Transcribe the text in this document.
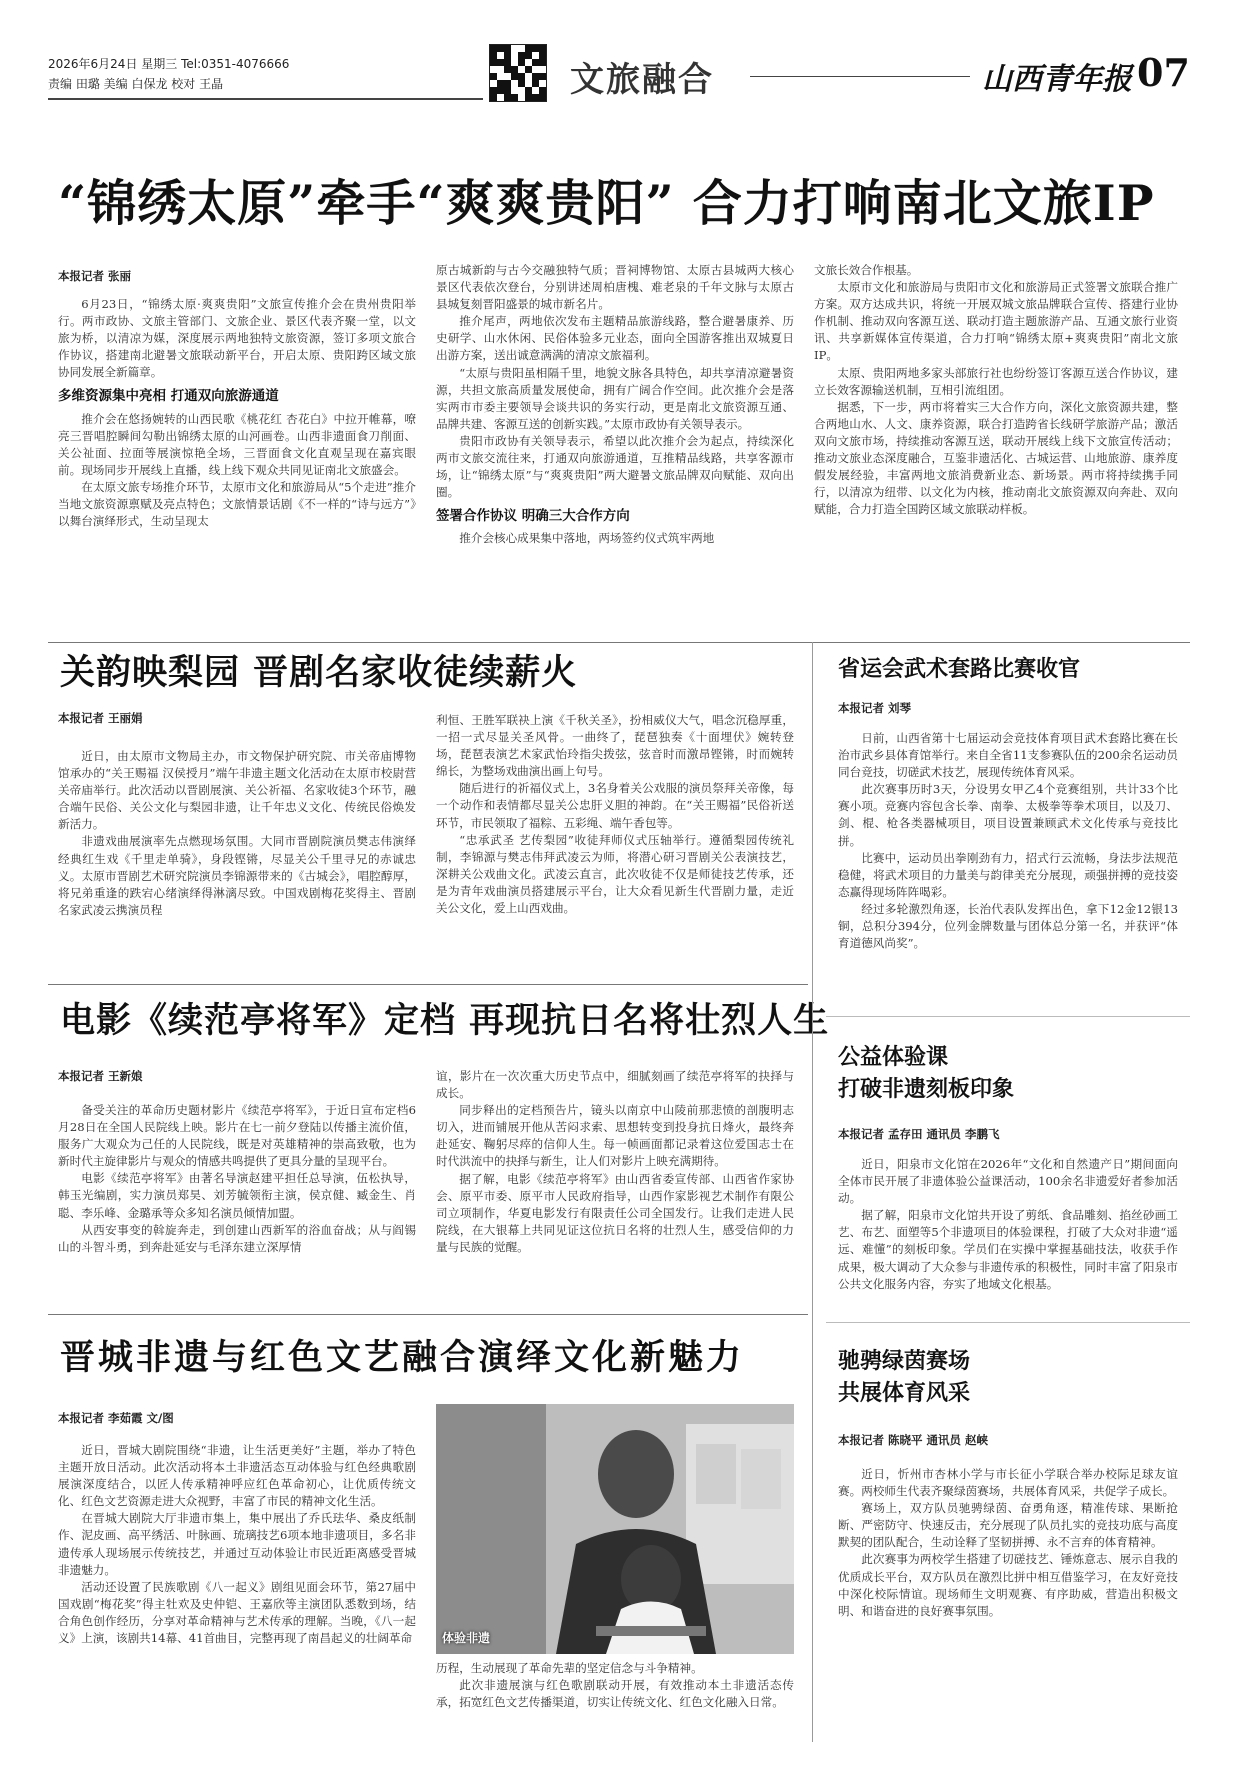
2026年6月24日 星期三 Tel:0351-4076666
责编 田璐 美编 白保龙 校对 王晶	文旅融合	山西青年报 07
“锦绣太原”牵手“爽爽贵阳” 合力打响南北文旅IP
本报记者 张丽

6月23日，“锦绣太原·爽爽贵阳”文旅宣传推介会在贵州贵阳举行。两市政协、文旅主管部门、文旅企业、景区代表齐聚一堂，以文旅为桥，以清凉为媒，深度展示两地独特文旅资源，签订多项文旅合作协议，搭建南北避暑文旅联动新平台，开启太原、贵阳跨区域文旅协同发展全新篇章。

多维资源集中亮相 打通双向旅游通道

推介会在悠扬婉转的山西民歌《桃花红 杏花白》中拉开帷幕，嘹亮三晋唱腔瞬间勾勒出锦绣太原的山河画卷。山西非遗面食刀削面、关公祉面、拉面等展演惊艳全场，三晋面食文化直观呈现在嘉宾眼前。现场同步开展线上直播，线上线下观众共同见证南北文旅盛会。

在太原文旅专场推介环节，太原市文化和旅游局从“5个走进”推介当地文旅资源禀赋及亮点特色；文旅情景话剧《不一样的“诗与远方”》以舞台演绎形式，生动呈现太

原古城新韵与古今交融独特气质；晋祠博物馆、太原古县城两大核心景区代表依次登台，分别讲述周柏唐槐、难老泉的千年文脉与太原古县城复刻晋阳盛景的城市新名片。

推介尾声，两地依次发布主题精品旅游线路，整合避暑康养、历史研学、山水休闲、民俗体验多元业态，面向全国游客推出双城夏日出游方案，送出诚意满满的清凉文旅福利。

“太原与贵阳虽相隔千里，地貌文脉各具特色，却共享清凉避暑资源，共担文旅高质量发展使命，拥有广阔合作空间。此次推介会是落实两市市委主要领导会谈共识的务实行动，更是南北文旅资源互通、品牌共建、客源互送的创新实践。”太原市政协有关领导表示。

贵阳市政协有关领导表示，希望以此次推介会为起点，持续深化两市文旅交流往来，打通双向旅游通道，互推精品线路，共享客源市场，让“锦绣太原”与“爽爽贵阳”两大避暑文旅品牌双向赋能、双向出圈。

签署合作协议 明确三大合作方向

推介会核心成果集中落地，两场签约仪式筑牢两地

文旅长效合作根基。

太原市文化和旅游局与贵阳市文化和旅游局正式签署文旅联合推广方案。双方达成共识，将统一开展双城文旅品牌联合宣传、搭建行业协作机制、推动双向客源互送、联动打造主题旅游产品、互通文旅行业资讯、共享新媒体宣传渠道，合力打响“锦绣太原+爽爽贵阳”南北文旅IP。

太原、贵阳两地多家头部旅行社也纷纷签订客源互送合作协议，建立长效客源输送机制，互相引流组团。

据悉，下一步，两市将着实三大合作方向，深化文旅资源共建，整合两地山水、人文、康养资源，联合打造跨省长线研学旅游产品；激活双向文旅市场，持续推动客源互送，联动开展线上线下文旅宣传活动；推动文旅业态深度融合，互鉴非遗活化、古城运营、山地旅游、康养度假发展经验，丰富两地文旅消费新业态、新场景。两市将持续携手同行，以清凉为纽带、以文化为内核，推动南北文旅资源双向奔赴、双向赋能，合力打造全国跨区域文旅联动样板。

关韵映梨园 晋剧名家收徒续薪火
本报记者 王丽娟

近日，由太原市文物局主办，市文物保护研究院、市关帝庙博物馆承办的“关王赐福 汉侯授月”端午非遗主题文化活动在太原市校尉营关帝庙举行。此次活动以晋剧展演、关公祈福、名家收徒3个环节，融合端午民俗、关公文化与梨园非遗，让千年忠义文化、传统民俗焕发新活力。

非遗戏曲展演率先点燃现场氛围。大同市晋剧院演员樊志伟演绎经典红生戏《千里走单骑》，身段铿锵，尽显关公千里寻兄的赤诚忠义。太原市晋剧艺术研究院演员李锦源带来的《古城会》，唱腔醇厚，将兄弟重逢的跌宕心绪演绎得淋漓尽致。中国戏剧梅花奖得主、晋剧名家武凌云携演员程

利恒、王胜军联袂上演《千秋关圣》，扮相威仪大气，唱念沉稳厚重，一招一式尽显关圣风骨。一曲终了，琵琶独奏《十面埋伏》婉转登场，琵琶表演艺术家武怡玲指尖拨弦，弦音时而激昂铿锵，时而婉转绵长，为整场戏曲演出画上句号。

随后进行的祈福仪式上，3名身着关公戏服的演员祭拜关帝像，每一个动作和表情都尽显关公忠肝义胆的神韵。在“关王赐福”民俗祈送环节，市民领取了福粽、五彩绳、端午香包等。

“忠承武圣 艺传梨园”收徒拜师仪式压轴举行。遵循梨园传统礼制，李锦源与樊志伟拜武凌云为师，将潜心研习晋剧关公表演技艺，深耕关公戏曲文化。武凌云直言，此次收徒不仅是师徒技艺传承，还是为青年戏曲演员搭建展示平台，让大众看见新生代晋剧力量，走近关公文化，爱上山西戏曲。

电影《续范亭将军》定档 再现抗日名将壮烈人生
本报记者 王新娘

备受关注的革命历史题材影片《续范亭将军》，于近日宣布定档6月28日在全国人民院线上映。影片在七一前夕登陆以传播主流价值，服务广大观众为己任的人民院线，既是对英雄精神的崇高致敬，也为新时代主旋律影片与观众的情感共鸣提供了更具分量的呈现平台。

电影《续范亭将军》由著名导演赵建平担任总导演，伍松执导，韩玉光编剧，实力演员郑昊、刘芳毓领衔主演，侯京健、臧金生、肖聪、李乐峰、金璐承等众多知名演员倾情加盟。

从西安事变的斡旋奔走，到创建山西新军的浴血奋战；从与阎锡山的斗智斗勇，到奔赴延安与毛泽东建立深厚情

谊，影片在一次次重大历史节点中，细腻刻画了续范亭将军的抉择与成长。

同步释出的定档预告片，镜头以南京中山陵前那悲愤的剖腹明志切入，进而铺展开他从苦闷求索、思想转变到投身抗日烽火，最终奔赴延安、鞠躬尽瘁的信仰人生。每一帧画面都记录着这位爱国志士在时代洪流中的抉择与新生，让人们对影片上映充满期待。

据了解，电影《续范亭将军》由山西省委宣传部、山西省作家协会、原平市委、原平市人民政府指导，山西作家影视艺术制作有限公司立项制作，华夏电影发行有限责任公司全国发行。让我们走进人民院线，在大银幕上共同见证这位抗日名将的壮烈人生，感受信仰的力量与民族的觉醒。

晋城非遗与红色文艺融合演绎文化新魅力
本报记者 李茹霞 文/图

近日，晋城大剧院围绕“非遗，让生活更美好”主题，举办了特色主题开放日活动。此次活动将本土非遗活态互动体验与红色经典歌剧展演深度结合，以匠人传承精神呼应红色革命初心，让优质传统文化、红色文艺资源走进大众视野，丰富了市民的精神文化生活。

在晋城大剧院大厅非遗市集上，集中展出了乔氏珐华、桑皮纸制作、泥皮画、高平绣活、叶脉画、琉璃技艺6项本地非遗项目，多名非遗传承人现场展示传统技艺，并通过互动体验让市民近距离感受晋城非遗魅力。

活动还设置了民族歌剧《八一起义》剧组见面会环节，第27届中国戏剧“梅花奖”得主牡欢及史仲铠、王嘉欣等主演团队悉数到场，结合角色创作经历，分享对革命精神与艺术传承的理解。当晚，《八一起义》上演，该剧共14幕、41首曲目，完整再现了南昌起义的壮阔革命	体验非遗

历程，生动展现了革命先辈的坚定信念与斗争精神。

此次非遗展演与红色歌剧联动开展，有效推动本土非遗活态传承，拓宽红色文艺传播渠道，切实让传统文化、红色文化融入日常。

省运会武术套路比赛收官
本报记者 刘琴

日前，山西省第十七届运动会竞技体育项目武术套路比赛在长治市武乡县体育馆举行。来自全省11支参赛队伍的200余名运动员同台竞技，切磋武术技艺，展现传统体育风采。

此次赛事历时3天，分设男女甲乙4个竞赛组别，共计33个比赛小项。竞赛内容包含长拳、南拳、太极拳等拳术项目，以及刀、剑、棍、枪各类器械项目，项目设置兼顾武术文化传承与竞技比拼。

比赛中，运动员出拳刚劲有力，招式行云流畅，身法步法规范稳健，将武术项目的力量美与韵律美充分展现，顽强拼搏的竞技姿态赢得现场阵阵喝彩。

经过多轮激烈角逐，长治代表队发挥出色，拿下12金12银13铜，总积分394分，位列金牌数量与团体总分第一名，并获评“体育道德风尚奖”。

公益体验课
打破非遗刻板印象
本报记者 孟存田 通讯员 李鹏飞

近日，阳泉市文化馆在2026年“文化和自然遗产日”期间面向全体市民开展了非遗体验公益课活动，100余名非遗爱好者参加活动。

据了解，阳泉市文化馆共开设了剪纸、食品雕刻、掐丝砂画工艺、布艺、面塑等5个非遗项目的体验课程，打破了大众对非遗“遥远、难懂”的刻板印象。学员们在实操中掌握基础技法，收获手作成果，极大调动了大众参与非遗传承的积极性，同时丰富了阳泉市公共文化服务内容，夯实了地域文化根基。

驰骋绿茵赛场
共展体育风采
本报记者 陈晓平 通讯员 赵峡

近日，忻州市杏林小学与市长征小学联合举办校际足球友谊赛。两校师生代表齐聚绿茵赛场，共展体育风采，共促学子成长。

赛场上，双方队员驰骋绿茵、奋勇角逐，精准传球、果断抢断、严密防守、快速反击，充分展现了队员扎实的竞技功底与高度默契的团队配合，生动诠释了坚韧拼搏、永不言弃的体育精神。

此次赛事为两校学生搭建了切磋技艺、锤炼意志、展示自我的优质成长平台，双方队员在激烈比拼中相互借鉴学习，在友好竞技中深化校际情谊。现场师生文明观赛、有序助威，营造出积极文明、和谐奋进的良好赛事氛围。
